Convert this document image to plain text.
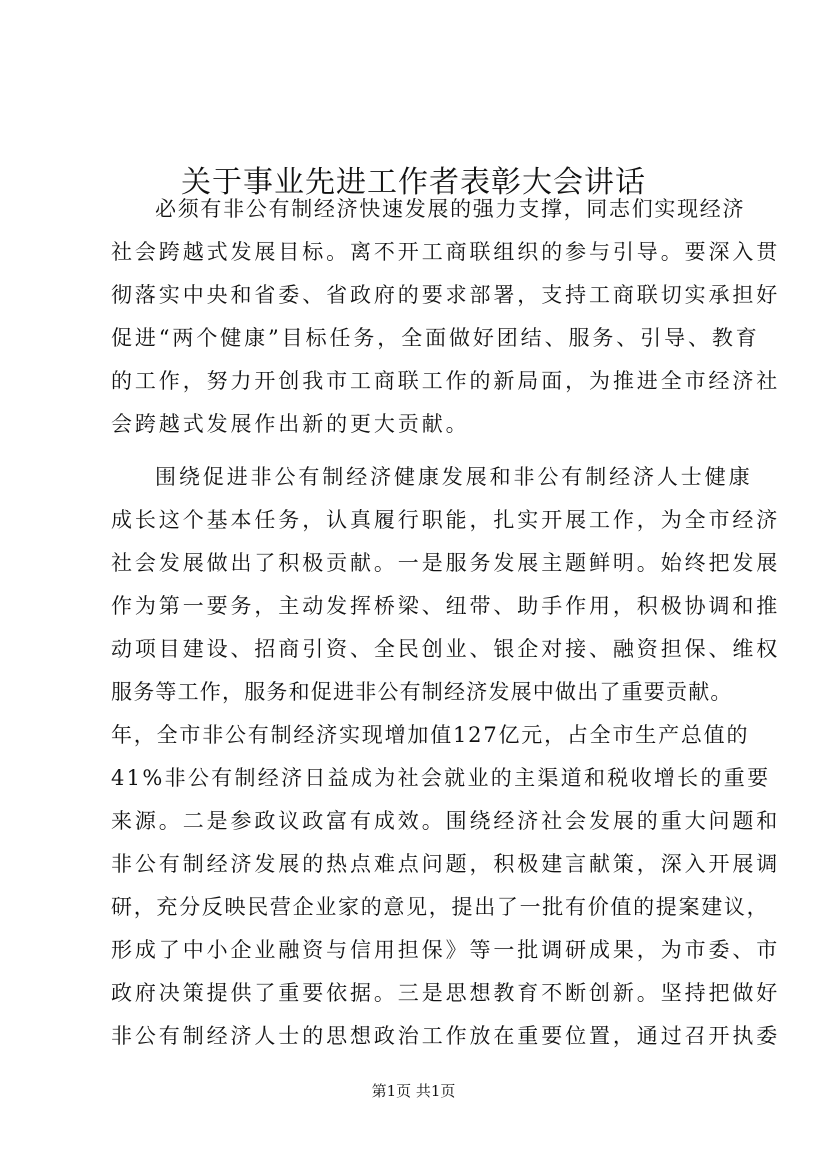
关于事业先进工作者表彰大会讲话
必须有非公有制经济快速发展的强力支撑，同志们实现经济
社会跨越式发展目标。离不开工商联组织的参与引导。要深入贯
彻落实中央和省委、省政府的要求部署，支持工商联切实承担好
促进“两个健康”目标任务，全面做好团结、服务、引导、教育
的工作，努力开创我市工商联工作的新局面，为推进全市经济社
会跨越式发展作出新的更大贡献。
围绕促进非公有制经济健康发展和非公有制经济人士健康
成长这个基本任务，认真履行职能，扎实开展工作，为全市经济
社会发展做出了积极贡献。一是服务发展主题鲜明。始终把发展
作为第一要务，主动发挥桥梁、纽带、助手作用，积极协调和推
动项目建设、招商引资、全民创业、银企对接、融资担保、维权
服务等工作，服务和促进非公有制经济发展中做出了重要贡献。
年，全市非公有制经济实现增加值127亿元，占全市生产总值的
41%非公有制经济日益成为社会就业的主渠道和税收增长的重要
来源。二是参政议政富有成效。围绕经济社会发展的重大问题和
非公有制经济发展的热点难点问题，积极建言献策，深入开展调
研，充分反映民营企业家的意见，提出了一批有价值的提案建议，
形成了中小企业融资与信用担保》等一批调研成果，为市委、市
政府决策提供了重要依据。三是思想教育不断创新。坚持把做好
非公有制经济人士的思想政治工作放在重要位置，通过召开执委
第1页 共1页
